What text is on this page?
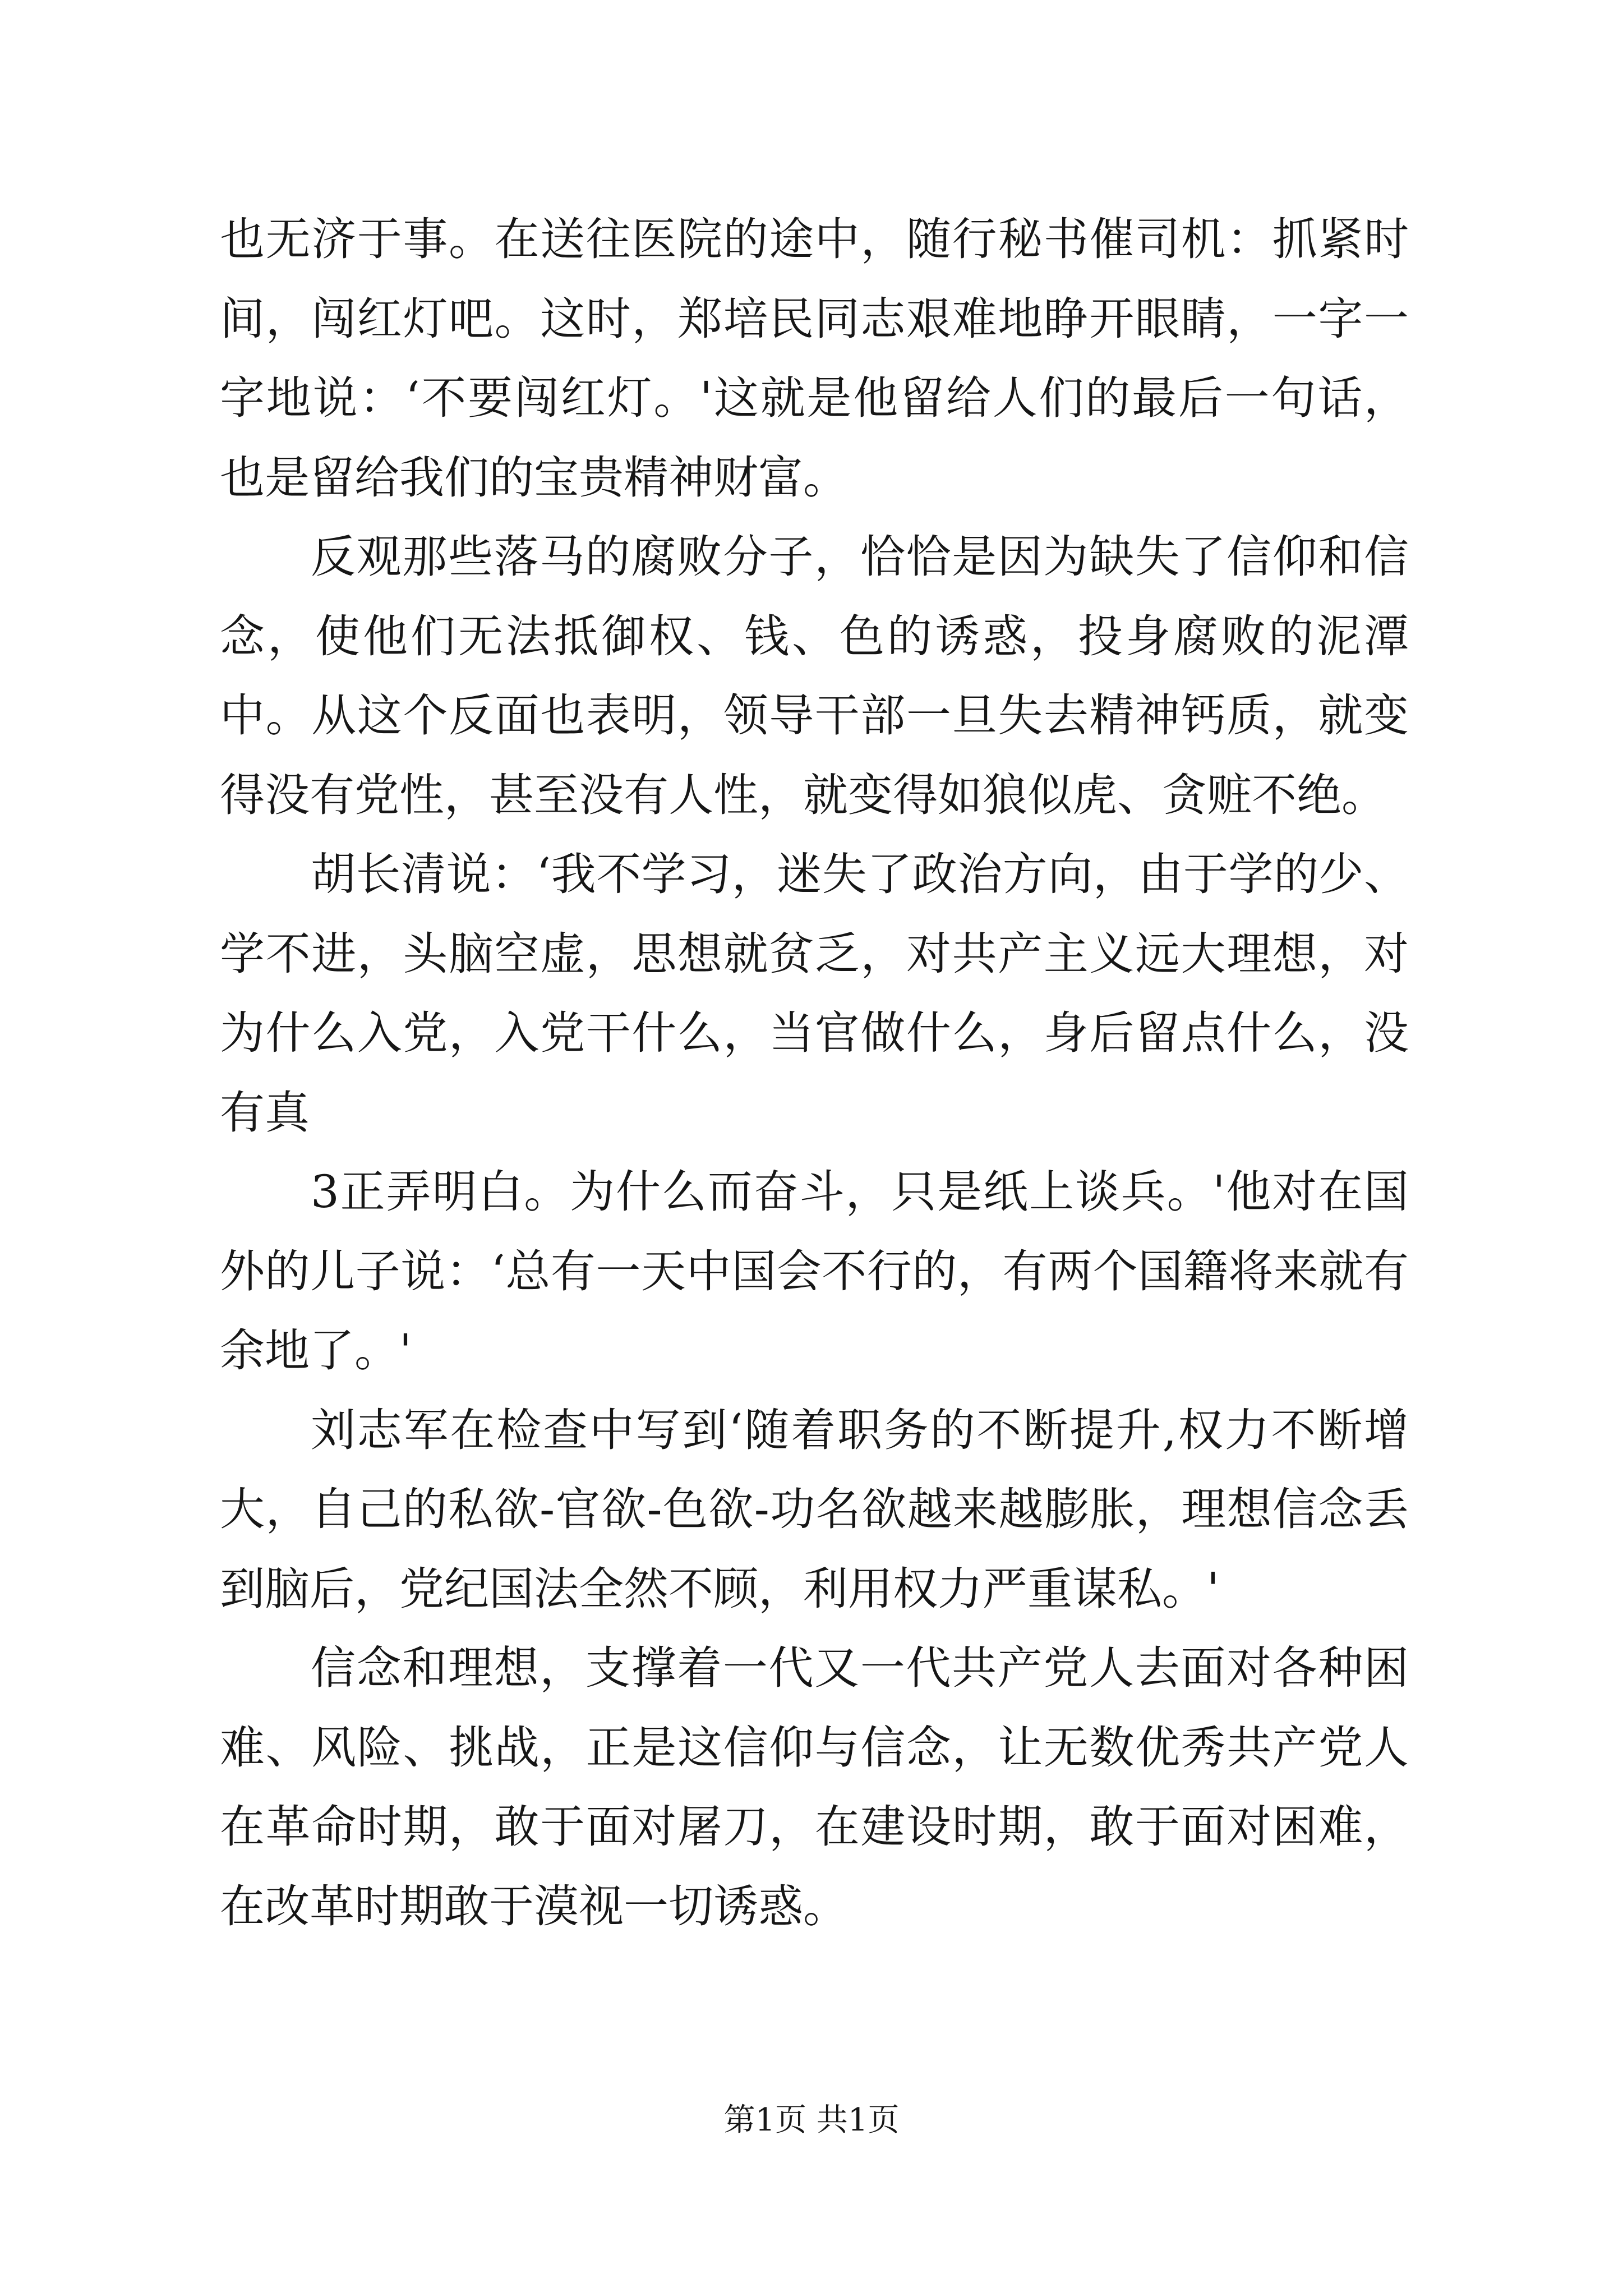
也无济于事。在送往医院的途中，随行秘书催司机：抓紧时间，闯红灯吧。这时，郑培民同志艰难地睁开眼睛，一字一字地说：‘不要闯红灯。'这就是他留给人们的最后一句话，也是留给我们的宝贵精神财富。

反观那些落马的腐败分子，恰恰是因为缺失了信仰和信念，使他们无法抵御权、钱、色的诱惑，投身腐败的泥潭中。从这个反面也表明，领导干部一旦失去精神钙质，就变得没有党性，甚至没有人性，就变得如狼似虎、贪赃不绝。

胡长清说：‘我不学习，迷失了政治方向，由于学的少、学不进，头脑空虚，思想就贫乏，对共产主义远大理想，对为什么入党，入党干什么，当官做什么，身后留点什么，没有真

3正弄明白。为什么而奋斗，只是纸上谈兵。'他对在国外的儿子说：‘总有一天中国会不行的，有两个国籍将来就有余地了。'

刘志军在检查中写到‘随着职务的不断提升,权力不断增大，自己的私欲-官欲-色欲-功名欲越来越膨胀，理想信念丢到脑后，党纪国法全然不顾，利用权力严重谋私。'

信念和理想，支撑着一代又一代共产党人去面对各种困难、风险、挑战，正是这信仰与信念，让无数优秀共产党人在革命时期，敢于面对屠刀，在建设时期，敢于面对困难，在改革时期敢于漠视一切诱惑。

第1页 共1页
